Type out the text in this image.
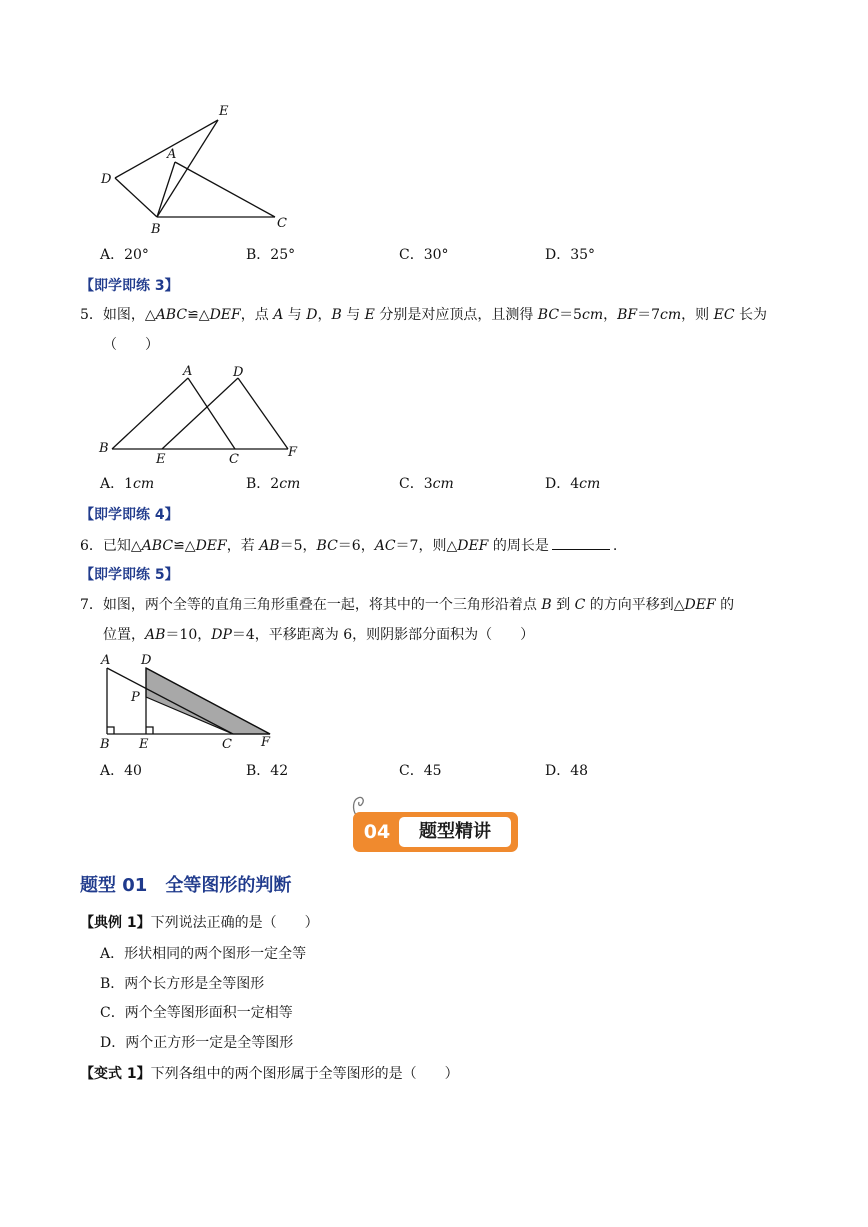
E
A
D
B	C
A．20°	B．25°	C．30°	D．35°
【即学即练 3】
5．如图，△ABC≌△DEF，点 A 与 D，B 与 E 分别是对应顶点，且测得 BC＝5cm，BF＝7cm，则 EC 长为
（　　）
A	D
B
E	C	F
A．1cm	B．2cm	C．3cm	D．4cm
【即学即练 4】
6．已知△ABC≌△DEF，若 AB＝5，BC＝6，AC＝7，则△DEF 的周长是	.
【即学即练 5】
7．如图，两个全等的直角三角形重叠在一起，将其中的一个三角形沿着点 B 到 C 的方向平移到△DEF 的
位置，AB＝10，DP＝4，平移距离为 6，则阴影部分面积为（　　）
A D
P
B E	C F
A．40	B．42	C．45	D．48
04	题型精讲
题型 01　全等图形的判断
【典例 1】下列说法正确的是（　　）
A．形状相同的两个图形一定全等
B．两个长方形是全等图形
C．两个全等图形面积一定相等
D．两个正方形一定是全等图形
【变式 1】下列各组中的两个图形属于全等图形的是（　　）
